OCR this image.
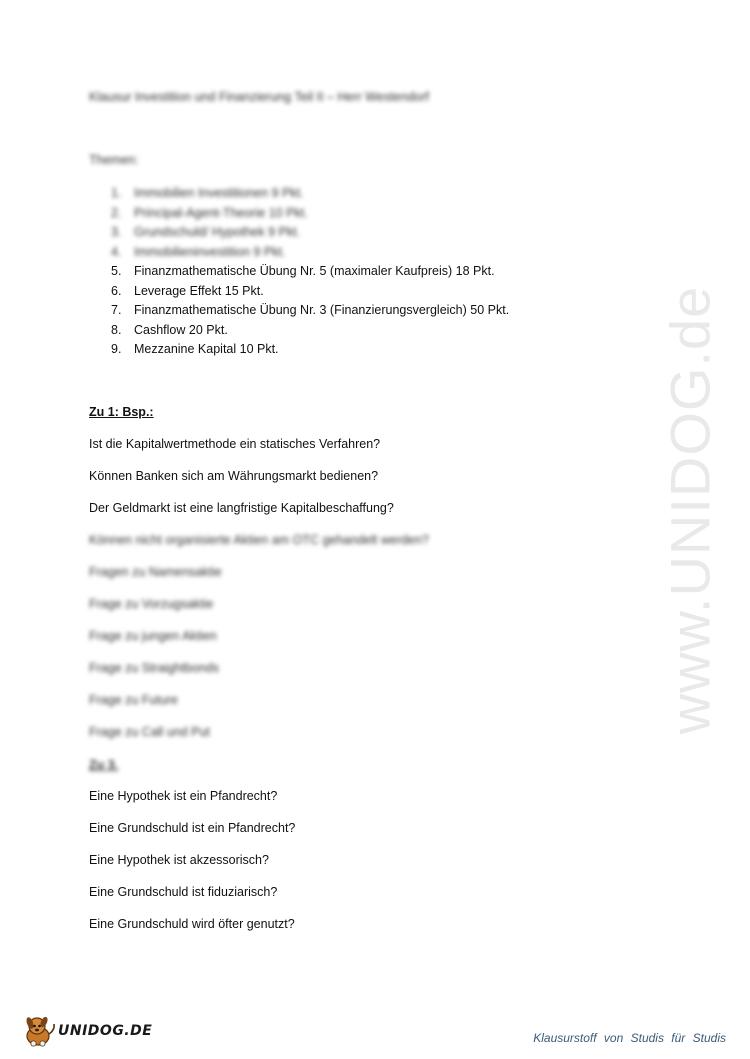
www.UNIDOG.de
Klausur Investition und Finanzierung Teil II – Herr Westendorf
Themen:
1. Immobilien Investitionen 9 Pkt.
2. Principal-Agent-Theorie 10 Pkt.
3. Grundschuld/ Hypothek 9 Pkt.
4. Immobilieninvestition 9 Pkt.
5. Finanzmathematische Übung Nr. 5 (maximaler Kaufpreis) 18 Pkt.
6. Leverage Effekt 15 Pkt.
7. Finanzmathematische Übung Nr. 3 (Finanzierungsvergleich) 50 Pkt.
8. Cashflow 20 Pkt.
9. Mezzanine Kapital 10 Pkt.
Zu 1: Bsp.:
Ist die Kapitalwertmethode ein statisches Verfahren?
Können Banken sich am Währungsmarkt bedienen?
Der Geldmarkt ist eine langfristige Kapitalbeschaffung?
Können nicht organisierte Aktien am OTC gehandelt werden?
Fragen zu Namensaktie
Frage zu Vorzugsaktie
Frage zu jungen Aktien
Frage zu Straightbonds
Frage zu Future
Frage zu Call und Put
Zu 3.
Eine Hypothek ist ein Pfandrecht?
Eine Grundschuld ist ein Pfandrecht?
Eine Hypothek ist akzessorisch?
Eine Grundschuld ist fiduziarisch?
Eine Grundschuld wird öfter genutzt?
UNIDOG.DE	Klausurstoff von Studis für Studis
